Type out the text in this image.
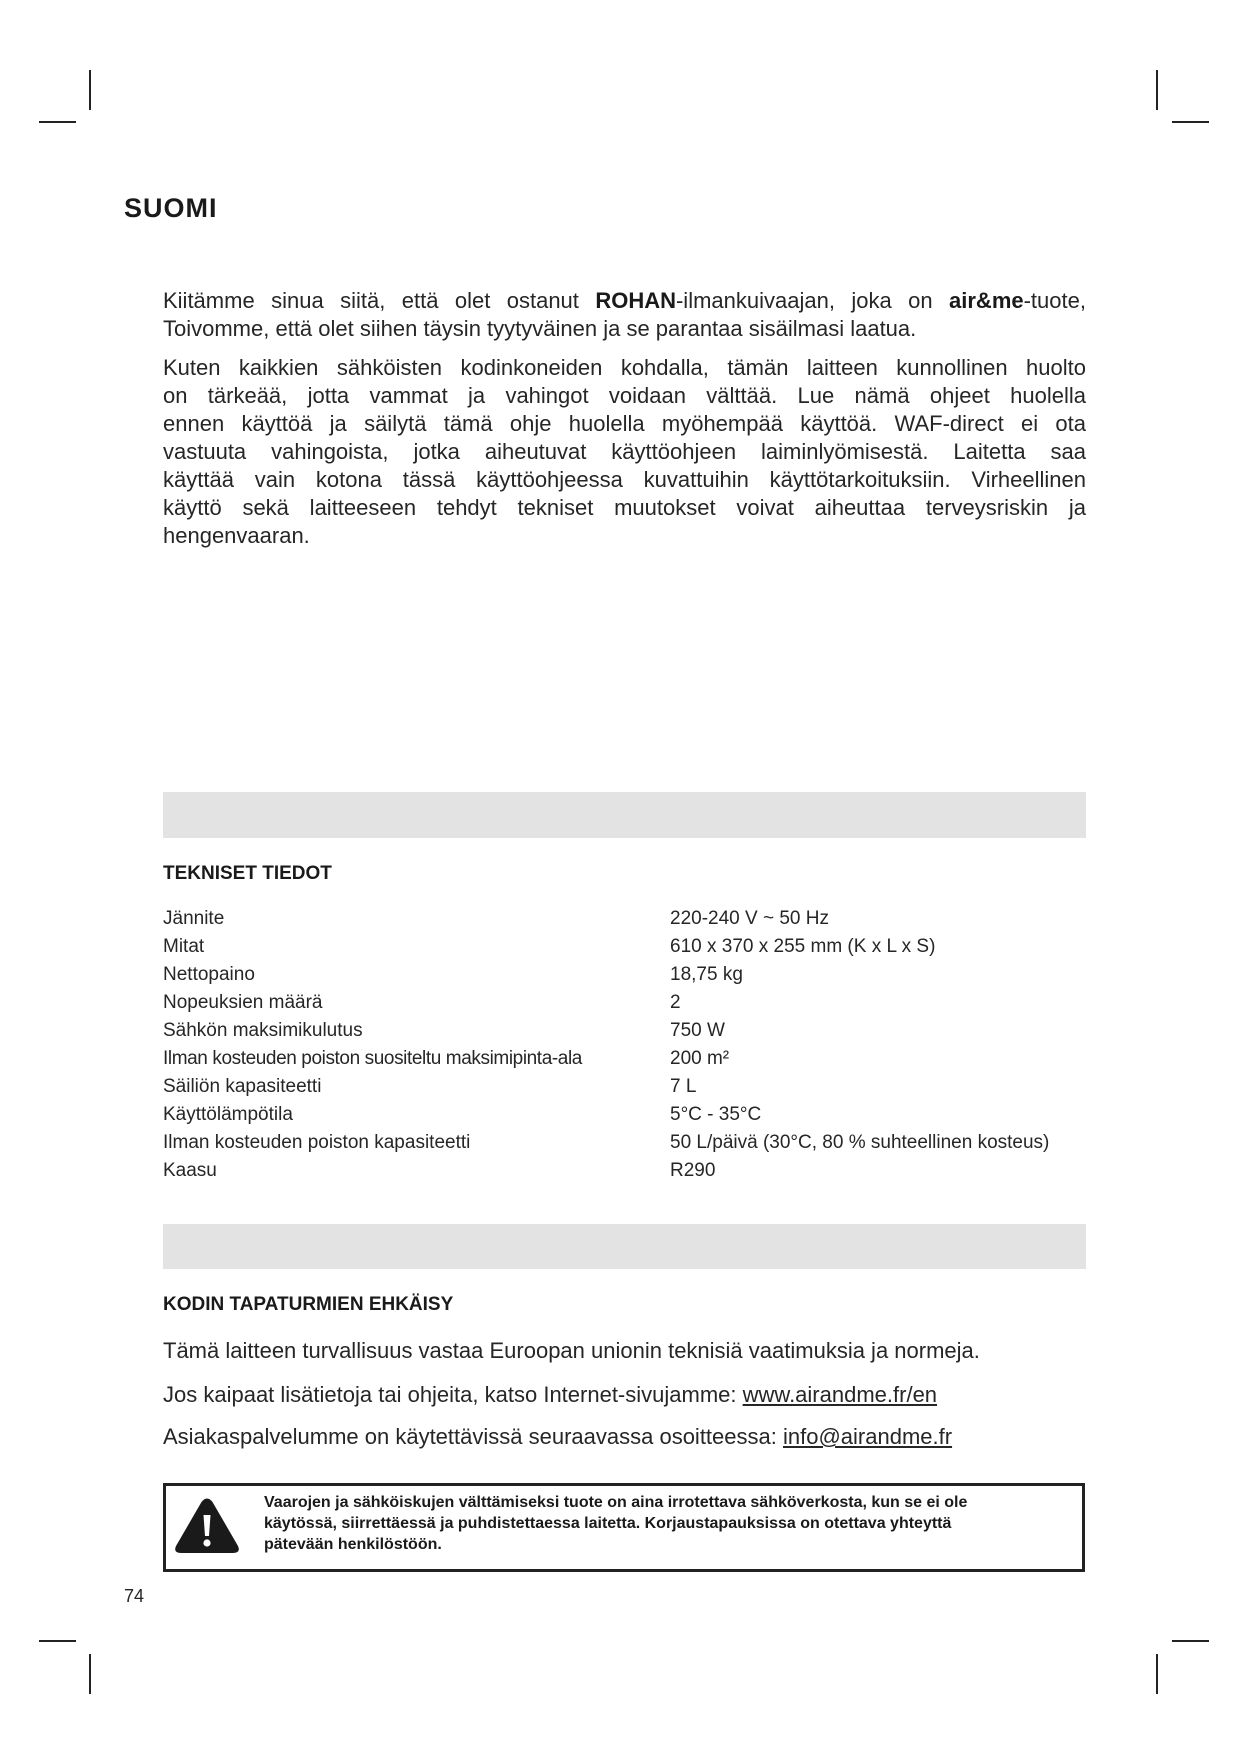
SUOMI
Kiitämme sinua siitä, että olet ostanut ROHAN-ilmankuivaajan, joka on air&me-tuote,
Toivomme, että olet siihen täysin tyytyväinen ja se parantaa sisäilmasi laatua.
Kuten kaikkien sähköisten kodinkoneiden kohdalla, tämän laitteen kunnollinen huolto
on tärkeää, jotta vammat ja vahingot voidaan välttää. Lue nämä ohjeet huolella
ennen käyttöä ja säilytä tämä ohje huolella myöhempää käyttöä. WAF-direct ei ota
vastuuta vahingoista, jotka aiheutuvat käyttöohjeen laiminlyömisestä. Laitetta saa
käyttää vain kotona tässä käyttöohjeessa kuvattuihin käyttötarkoituksiin. Virheellinen
käyttö sekä laitteeseen tehdyt tekniset muutokset voivat aiheuttaa terveysriskin ja
hengenvaaran.
TEKNISET TIEDOT
Jännite	220-240 V ~ 50 Hz
Mitat	610 x 370 x 255 mm (K x L x S)
Nettopaino	18,75 kg
Nopeuksien määrä	2
Sähkön maksimikulutus	750 W
Ilman kosteuden poiston suositeltu maksimipinta-ala	200 m²
Säiliön kapasiteetti	7 L
Käyttölämpötila	5°C - 35°C
Ilman kosteuden poiston kapasiteetti	50 L/päivä (30°C, 80 % suhteellinen kosteus)
Kaasu	R290
KODIN TAPATURMIEN EHKÄISY
Tämä laitteen turvallisuus vastaa Euroopan unionin teknisiä vaatimuksia ja normeja.
Jos kaipaat lisätietoja tai ohjeita, katso Internet-sivujamme: www.airandme.fr/en
Asiakaspalvelumme on käytettävissä seuraavassa osoitteessa: info@airandme.fr
Vaarojen ja sähköiskujen välttämiseksi tuote on aina irrotettava sähköverkosta, kun se ei ole
käytössä, siirrettäessä ja puhdistettaessa laitetta. Korjaustapauksissa on otettava yhteyttä
pätevään henkilöstöön.
74
